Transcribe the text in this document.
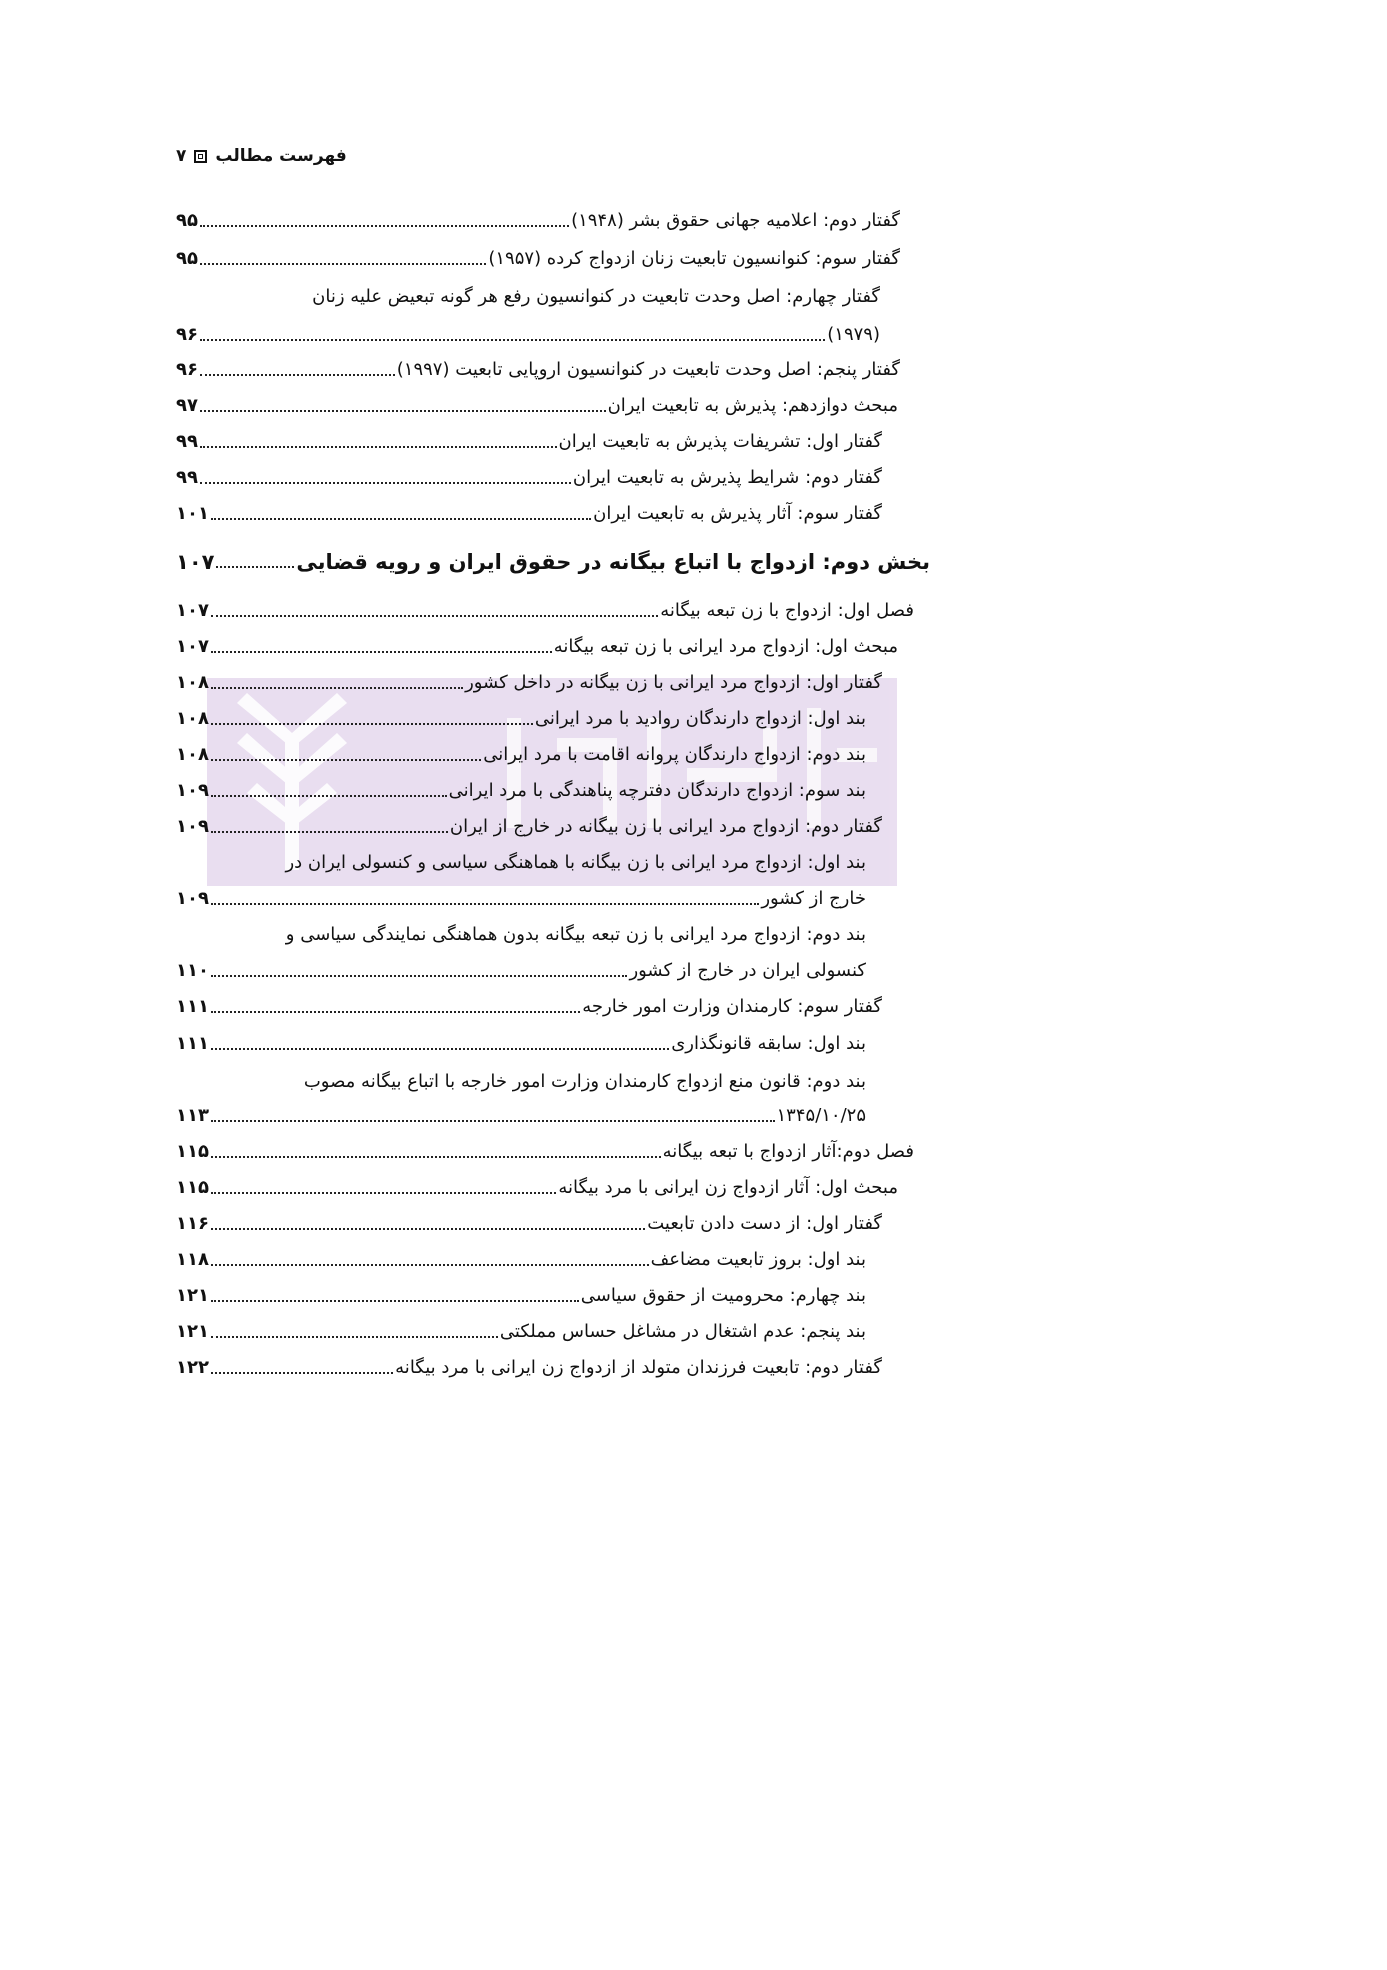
۷ فهرست مطالب
گفتار دوم: اعلامیه جهانی حقوق بشر (۱۹۴۸)
۹۵
گفتار سوم: کنوانسیون تابعیت زنان ازدواج کرده (۱۹۵۷)
۹۵
گفتار چهارم: اصل وحدت تابعیت در کنوانسیون رفع هر گونه تبعیض علیه زنان
(۱۹۷۹)
۹۶
گفتار پنجم: اصل وحدت تابعیت در کنوانسیون اروپایی تابعیت (۱۹۹۷)
۹۶
مبحث دوازدهم: پذیرش به تابعیت ایران
۹۷
گفتار اول: تشریفات پذیرش به تابعیت ایران
۹۹
گفتار دوم: شرایط پذیرش به تابعیت ایران
۹۹
گفتار سوم: آثار پذیرش به تابعیت ایران
۱۰۱
بخش دوم: ازدواج با اتباع بیگانه در حقوق ایران و رویه قضایی
۱۰۷
فصل اول: ازدواج با زن تبعه بیگانه
۱۰۷
مبحث اول: ازدواج مرد ایرانی با زن تبعه بیگانه
۱۰۷
گفتار اول: ازدواج مرد ایرانی با زن بیگانه در داخل کشور
۱۰۸
بند اول: ازدواج دارندگان روادید با مرد ایرانی
۱۰۸
بند دوم: ازدواج دارندگان پروانه اقامت با مرد ایرانی
۱۰۸
بند سوم: ازدواج دارندگان دفترچه پناهندگی با مرد ایرانی
۱۰۹
گفتار دوم: ازدواج مرد ایرانی با زن بیگانه در خارج از ایران
۱۰۹
بند اول: ازدواج مرد ایرانی با زن بیگانه با هماهنگی سیاسی و کنسولی ایران در
خارج از کشور
۱۰۹
بند دوم: ازدواج مرد ایرانی با زن تبعه بیگانه بدون هماهنگی نمایندگی سیاسی و
کنسولی ایران در خارج از کشور
۱۱۰
گفتار سوم: کارمندان وزارت امور خارجه
۱۱۱
بند اول: سابقه قانونگذاری
۱۱۱
بند دوم: قانون منع ازدواج کارمندان وزارت امور خارجه با اتباع بیگانه مصوب
۱۳۴۵/۱۰/۲۵
۱۱۳
فصل دوم:آثار ازدواج با تبعه بیگانه
۱۱۵
مبحث اول: آثار ازدواج زن ایرانی با مرد بیگانه
۱۱۵
گفتار اول: از دست دادن تابعیت
۱۱۶
بند اول: بروز تابعیت مضاعف
۱۱۸
بند چهارم: محرومیت از حقوق سیاسی
۱۲۱
بند پنجم: عدم اشتغال در مشاغل حساس مملکتی
۱۲۱
گفتار دوم: تابعیت فرزندان متولد از ازدواج زن ایرانی با مرد بیگانه
۱۲۲
